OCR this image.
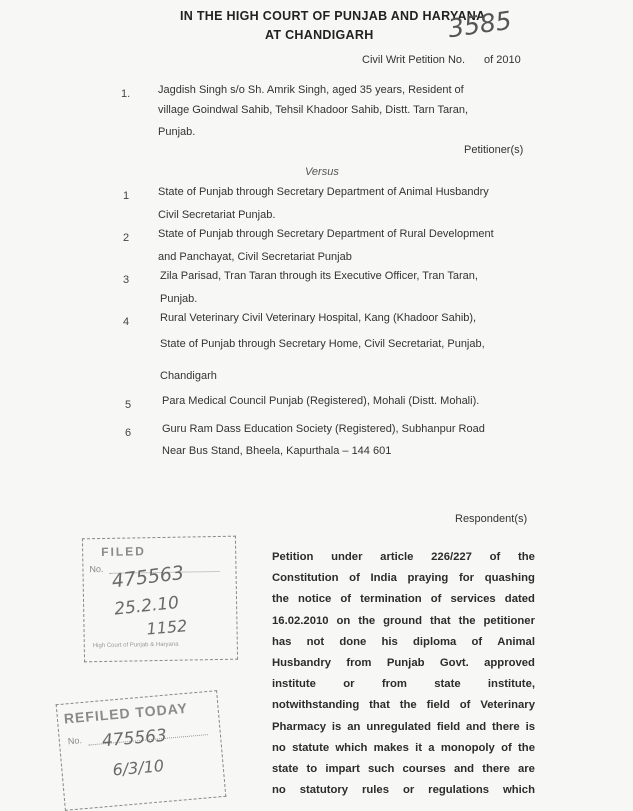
IN THE HIGH COURT OF PUNJAB AND HARYANA
AT CHANDIGARH
Civil Writ Petition No.
3585
of 2010
1.	Jagdish Singh s/o Sh. Amrik Singh, aged 35 years, Resident of
village Goindwal Sahib, Tehsil Khadoor Sahib, Distt. Tarn Taran,
Punjab.
Petitioner(s)
Versus
1	State of Punjab through Secretary Department of Animal Husbandry
Civil Secretariat Punjab.
2	State of Punjab through Secretary Department of Rural Development
and Panchayat, Civil Secretariat Punjab
3	Zila Parisad, Tran Taran through its Executive Officer, Tran Taran,
Punjab.
4	Rural Veterinary Civil Veterinary Hospital, Kang (Khadoor Sahib),
State of Punjab through Secretary Home, Civil Secretariat, Punjab,
Chandigarh
5	Para Medical Council Punjab (Registered), Mohali (Distt. Mohali).
6	Guru Ram Dass Education Society (Registered), Subhanpur Road
Near Bus Stand, Bheela, Kapurthala – 144 601
Respondent(s)
FILED
No. 475563
25.2.10
1152
High Court of Punjab & Haryana
REFILED TODAY
No. 475563
6/3/10
Petition under article 226/227 of the
Constitution of India praying for quashing
the notice of termination of services dated
16.02.2010 on the ground that the petitioner
has not done his diploma of Animal
Husbandry from Punjab Govt. approved
institute or from state institute,
notwithstanding that the field of Veterinary
Pharmacy is an unregulated field and there is
no statute which makes it a monopoly of the
state to impart such courses and there are
no statutory rules or regulations which
